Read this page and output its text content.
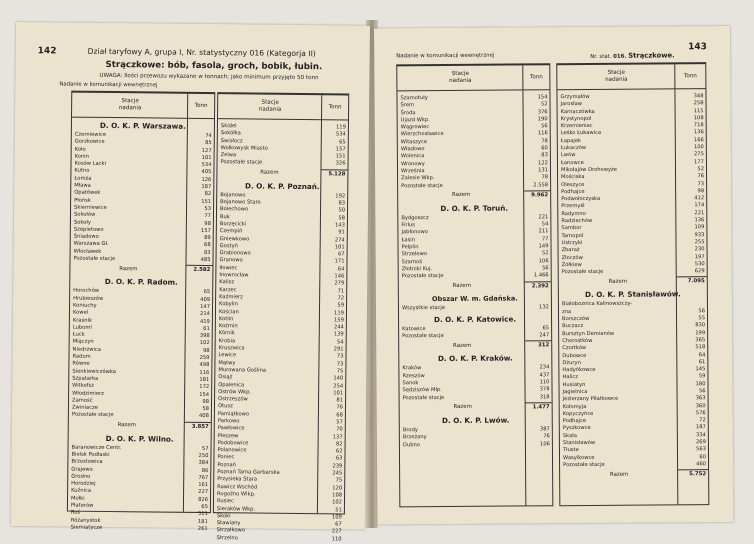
142	Dział taryfowy A, grupa I, Nr. statystyczny 016 (Kategorja II)
Strączkowe: bób, fasola, groch, bobik, łubin.
UWAGA: Ilości przewozu wykazano w tonnach; jako minimum przyjęto 50 tonn
Nadanie w komunikacji wewnętrznej
Stacje
nadania	Tonn
D. O. K. P. Warszawa.
Czerniewice	74
Gorzkowice	85
Koło	127
Konin	101
Kosów Lacki	534
Kutno	405
Łomża	126
Mława	187
Opatówek	82
Płońsk	151
Skierniewice	53
Sokołów	77
Sokoły	98
Szepietowo	157
Śniadowo	89
Warszawa Gł.	68
Włocławek	83
Pozostałe stacje	485
Razem	2.582
D. O. K. P. Radom.
Horochów	65
Hrubieszów	409
Koniuchy	147
Kowel	214
Kraśnik	419
Luboml	61
Łuck	398
Miączyn	102
Niedrzwica	98
Radom	259
Równe	498
Sienkiewiczówka	116
Szpatarka	181
Witkofsz	172
Włodzimierz	154
Zamość	98
Zwiniacze	58
Pozostałe stacje	408
Razem	3.857
D. O. K. P. Wilno.
Baranowicze Centr.	57
Bielsk Podlaski	250
Brzostowica	384
Grajewo	86
Grodno	767
Horodziej	161
Kuźnica	227
Mołki	826
Płaterów	65
Roś	511
Różanystok	181
Siemiatycze	261
Stacje
nadania	Tonn
Skidel	119
Sokółka	534
Świsłocz	65
Wołkowysk Miasto	157
Zelwa	151
Pozostałe stacje	326
Razem	5.128
D. O. K. P. Poznań.
Bojanowo	192
Bojanowo Stare	83
Bolechowo	50
Buk	58
Borzęcicki	143
Czempiń	91
Gniewkowo	274
Gostyń	101
Grabionowo	67
Granowo	171
Iłowiec	64
Inowrocław	146
Kalisz	279
Karzec	71
Kaźmierz	72
Kobylin	59
Kościan	119
Kotlin	159
Koźmin	244
Kórnik	139
Krobia	54
Kruszwica	291
Lewice	73
Mątwy	73
Murowana Goślina	75
Osiąż	140
Opalenica	254
Ostrów Wkp.	101
Ostrzeszów	81
Otusz	76
Pamiątkowo	68
Parkowo	57
Pawłowice	70
Pleszew	137
Podobowice	82
Polanowice	62
Poniec	63
Poznań	239
Poznań Tama Garbarska	245
Przysieka Stara	75
Rawicz Wschód	120
Rogoźno Wlkp.	108
Rusiec	102
Sieraków Wkp.	51
Skoki	109
Stawiany	67
Strzałkowo	227
Strzelno	110
Nadanie w komunikacji wewnętrznej	Nr. stat. 016. Strączkowe.
143
Stacje
nadania
Tonn
Szamotuły	154
Śrem	52
Środa	376
Ujazd Wkp.	190
Wągrowiec	56
Wierzchosławice	116
Witaszyce	78
Władowo	60
Wolenica	83
Wronowy	122
Września	131
Zalesie Wkp.	78
Pozostałe stacje	2.558
Razem	9.962
D. O. K. P. Toruń.
Bydgoszcz	221
Firlus	54
Jabłonowo	211
Łasin	77
Pelplin	149
Strzelewo	52
Szarnoś	106
Złotniki Kuj.	56
Pozostałe stacje	1.466
Razem	2.392
Obszar W. m. Gdańska.
Wszystkie stacje	132
D. O. K. P. Katowice.
Katowice	65
Pozostałe stacje	247
Razem	312
D. O. K. P. Kraków.
Kraków	234
Rzeszów	437
Sanok	110
Sędziszów Młp.	378
Pozostałe stacje	318
Razem	1.477
D. O. K. P. Lwów.
Brody	387
Brzeżany	76
Dubno	106
Stacje
nadania
Tonn
Grzymałów	348
Jarosław	258
Karnaczówka	115
Krystynopol	108
Krzemieniec	718
Leśko Łukawica	136
Łapajek	166
Łukaczów	100
Lwów	275
Łanowce	177
Mikołajów Drohowyże	52
Mościska	76
Oleszyce	73
Podhajce	98
Podwołoczyska	412
Przemyśl	174
Radymno	221
Radziechów	136
Sambor	109
Tarnopol	933
Ustrzyki	255
Zbaraż	230
Złoczów	197
Żółkiew	530
Pozostałe stacje	629
Razem	7.095
D. O. K. P. Stanisławów.
Białoboznica Kalinowszczy-
zna	56
Borszczów	55
Buczacz	830
Bursztyn Demianów	199
Chorostków	365
Czortków	518
Dubowce	64
Dżuryn	61
Hadyńkowce	145
Halicz	59
Husiatyn	180
Jagielnica	56
Jezierzany Piłatkowce	363
Kołomyja	360
Kopyczyńce	576
Podhajce	72
Pyszkowce	187
Skała	334
Stanisławów	269
Tłuste	563
Wasylkowce	60
Pozostałe stacje	460
Razem	5.752
